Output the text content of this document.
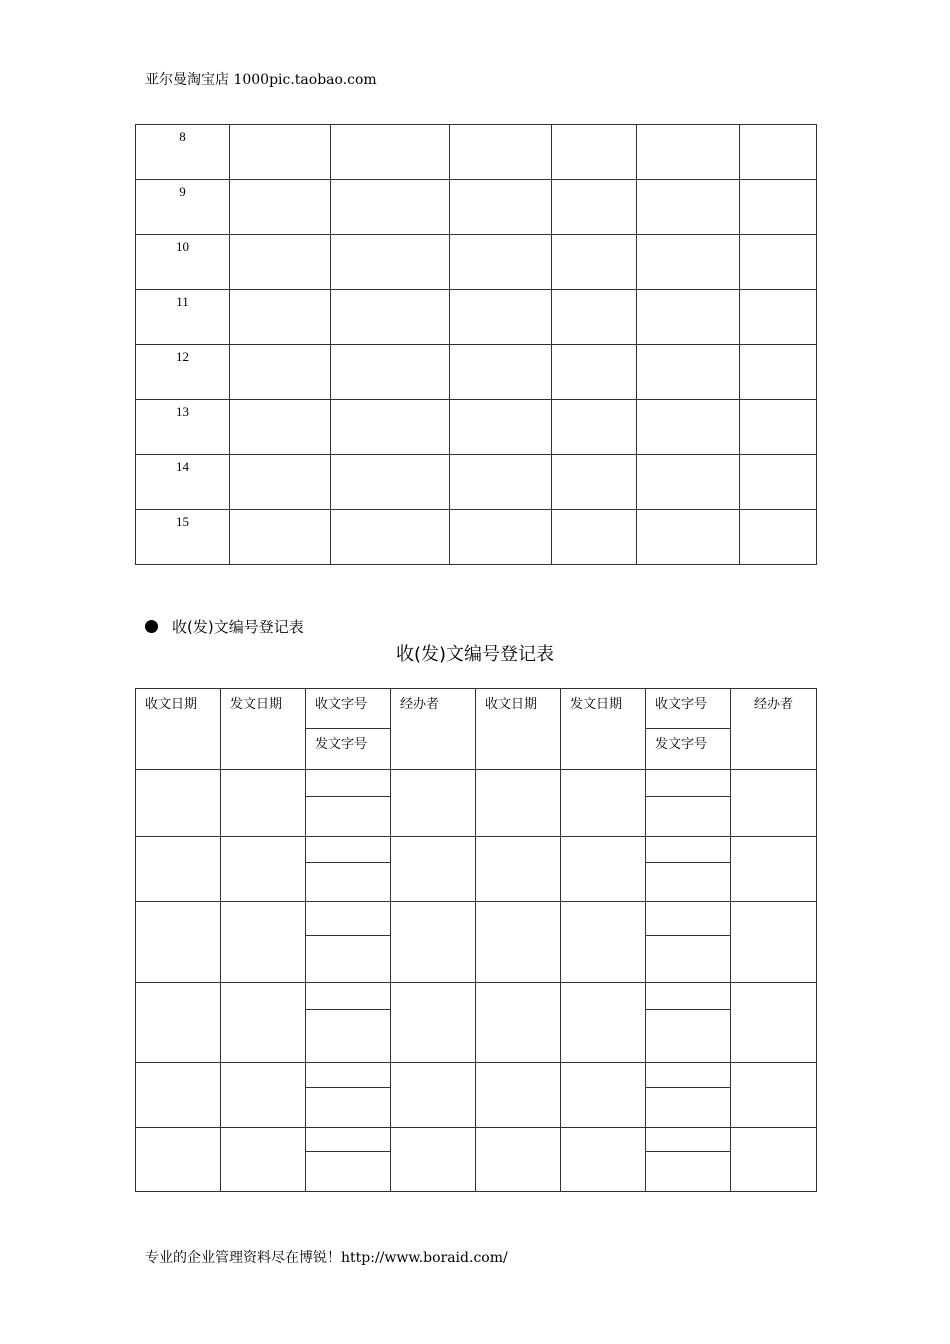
亚尔曼淘宝店 1000pic.taobao.com
8						
9						
10						
11						
12						
13						
14						
15						
收(发)文编号登记表
收(发)文编号登记表
收文日期	发文日期	收文字号	经办者	收文日期	发文日期	收文字号	经办者
		发文字号				发文字号	

专业的企业管理资料尽在博锐！http://www.boraid.com/
